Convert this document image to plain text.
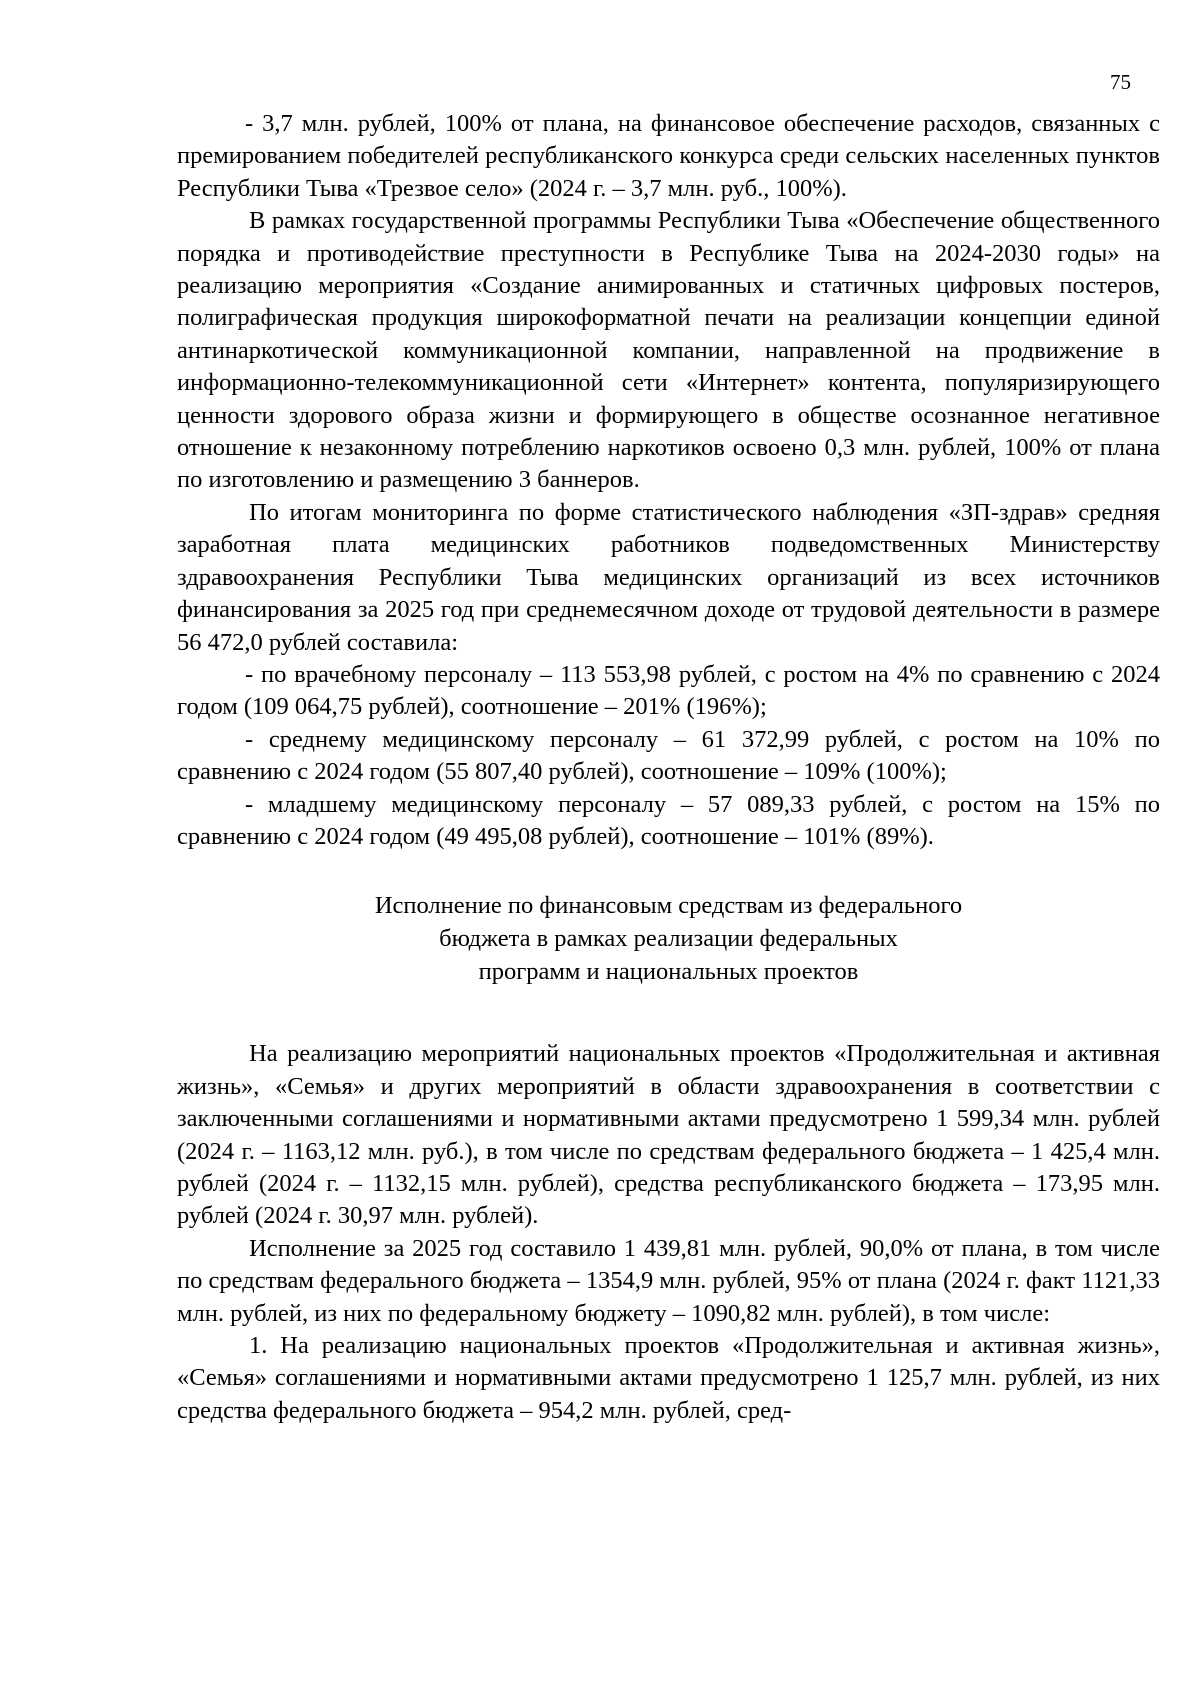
75

- 3,7 млн. рублей, 100% от плана, на финансовое обеспечение расходов, связанных с премированием победителей республиканского конкурса среди сельских населенных пунктов Республики Тыва «Трезвое село» (2024 г. – 3,7 млн. руб., 100%).

В рамках государственной программы Республики Тыва «Обеспечение общественного порядка и противодействие преступности в Республике Тыва на 2024-2030 годы» на реализацию мероприятия «Создание анимированных и статичных цифровых постеров, полиграфическая продукция широкоформатной печати на реализации концепции единой антинаркотической коммуникационной компании, направленной на продвижение в информационно-телекоммуникационной сети «Интернет» контента, популяризирующего ценности здорового образа жизни и формирующего в обществе осознанное негативное отношение к незаконному потреблению наркотиков освоено 0,3 млн. рублей, 100% от плана по изготовлению и размещению 3 баннеров.

По итогам мониторинга по форме статистического наблюдения «ЗП-здрав» средняя заработная плата медицинских работников подведомственных Министерству здравоохранения Республики Тыва медицинских организаций из всех источников финансирования за 2025 год при среднемесячном доходе от трудовой деятельности в размере 56 472,0 рублей составила:

- по врачебному персоналу – 113 553,98 рублей, с ростом на 4% по сравнению с 2024 годом (109 064,75 рублей), соотношение – 201% (196%);

- среднему медицинскому персоналу – 61 372,99 рублей, с ростом на 10% по сравнению с 2024 годом (55 807,40 рублей), соотношение – 109% (100%);

- младшему медицинскому персоналу – 57 089,33 рублей, с ростом на 15% по сравнению с 2024 годом (49 495,08 рублей), соотношение – 101% (89%).

Исполнение по финансовым средствам из федерального
бюджета в рамках реализации федеральных
программ и национальных проектов

На реализацию мероприятий национальных проектов «Продолжительная и активная жизнь», «Семья» и других мероприятий в области здравоохранения в соответствии с заключенными соглашениями и нормативными актами предусмотрено 1 599,34 млн. рублей (2024 г. – 1163,12 млн. руб.), в том числе по средствам федерального бюджета – 1 425,4 млн. рублей (2024 г. – 1132,15 млн. рублей), средства республиканского бюджета – 173,95 млн. рублей (2024 г. 30,97 млн. рублей).

Исполнение за 2025 год составило 1 439,81 млн. рублей, 90,0% от плана, в том числе по средствам федерального бюджета – 1354,9 млн. рублей, 95% от плана (2024 г. факт 1121,33 млн. рублей, из них по федеральному бюджету – 1090,82 млн. рублей), в том числе:

1. На реализацию национальных проектов «Продолжительная и активная жизнь», «Семья» соглашениями и нормативными актами предусмотрено 1 125,7 млн. рублей, из них средства федерального бюджета – 954,2 млн. рублей, сред-
